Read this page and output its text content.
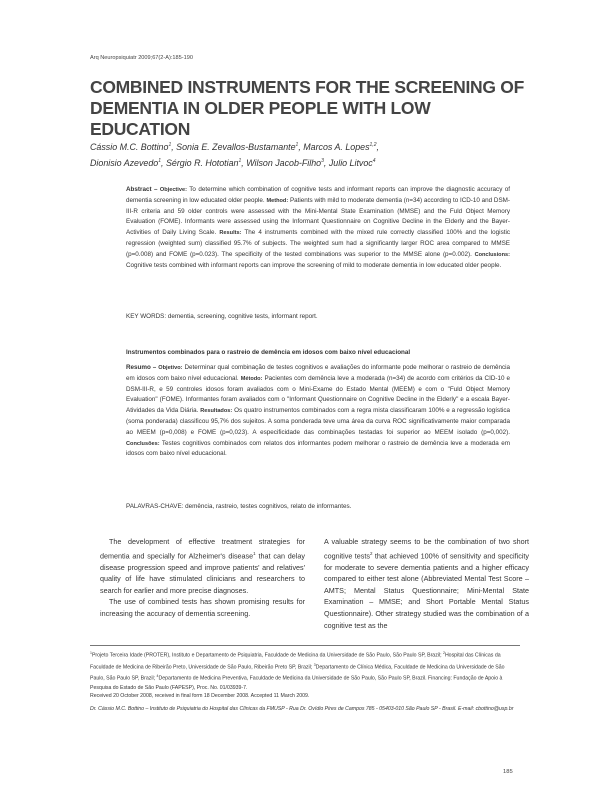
Arq Neuropsiquiatr 2009;67(2-A):185-190
COMBINED INSTRUMENTS FOR THE SCREENING OF DEMENTIA IN OLDER PEOPLE WITH LOW EDUCATION
Cássio M.C. Bottino$^1$, Sonia E. Zevallos-Bustamante$^1$, Marcos A. Lopes$^{1,2}$,
Dionisio Azevedo$^1$, Sérgio R. Hototian$^1$, Wilson Jacob-Filho$^3$, Julio Litvoc$^4$
Abstract – Objective: To determine which combination of cognitive tests and informant reports can improve the diagnostic accuracy of dementia screening in low educated older people. Method: Patients with mild to moderate dementia (n=34) according to ICD-10 and DSM-III-R criteria and 59 older controls were assessed with the Mini-Mental State Examination (MMSE) and the Fuld Object Memory Evaluation (FOME). Informants were assessed using the Informant Questionnaire on Cognitive Decline in the Elderly and the Bayer-Activities of Daily Living Scale. Results: The 4 instruments combined with the mixed rule correctly classified 100% and the logistic regression (weighted sum) classified 95.7% of subjects. The weighted sum had a significantly larger ROC area compared to MMSE (p=0.008) and FOME (p=0.023). The specificity of the tested combinations was superior to the MMSE alone (p=0.002). Conclusions: Cognitive tests combined with informant reports can improve the screening of mild to moderate dementia in low educated older people.
KEY WORDS: dementia, screening, cognitive tests, informant report.
Instrumentos combinados para o rastreio de demência em idosos com baixo nível educacional
Resumo – Objetivo: Determinar qual combinação de testes cognitivos e avaliações do informante pode melhorar o rastreio de demência em idosos com baixo nível educacional. Método: Pacientes com demência leve a moderada (n=34) de acordo com critérios da CID-10 e DSM-III-R, e 59 controles idosos foram avaliados com o Mini-Exame do Estado Mental (MEEM) e com o "Fuld Object Memory Evaluation" (FOME). Informantes foram avaliados com o "Informant Questionnaire on Cognitive Decline in the Elderly" e a escala Bayer-Atividades da Vida Diária. Resultados: Os quatro instrumentos combinados com a regra mista classificaram 100% e a regressão logística (soma ponderada) classificou 95,7% dos sujeitos. A soma ponderada teve uma área da curva ROC significativamente maior comparada ao MEEM (p=0,008) e FOME (p=0,023). A especificidade das combinações testadas foi superior ao MEEM isolado (p=0,002). Conclusões: Testes cognitivos combinados com relatos dos informantes podem melhorar o rastreio de demência leve a moderada em idosos com baixo nível educacional.
PALAVRAS-CHAVE: demência, rastreio, testes cognitivos, relato de informantes.

The development of effective treatment strategies for dementia and specially for Alzheimer's disease$^1$ that can delay disease progression speed and improve patients' and relatives' quality of life have stimulated clinicians and researchers to search for earlier and more precise diagnoses.

The use of combined tests has shown promising results for increasing the accuracy of dementia screening.

A valuable strategy seems to be the combination of two short cognitive tests$^2$ that achieved 100% of sensitivity and specificity for moderate to severe dementia patients and a higher efficacy compared to either test alone (Abbreviated Mental Test Score – AMTS; Mental Status Questionnaire; Mini-Mental State Examination – MMSE; and Short Portable Mental Status Questionnaire). Other strategy studied was the combination of a cognitive test as the

$^1$Projeto Terceira Idade (PROTER), Instituto e Departamento de Psiquiatria, Faculdade de Medicina da Universidade de São Paulo, São Paulo SP, Brazil; $^2$Hospital das Clínicas da Faculdade de Medicina de Ribeirão Preto, Universidade de São Paulo, Ribeirão Preto SP, Brazil; $^3$Departamento de Clínica Médica, Faculdade de Medicina da Universidade de São Paulo, São Paulo SP, Brazil; $^4$Departamento de Medicina Preventiva, Faculdade de Medicina da Universidade de São Paulo, São Paulo SP, Brazil. Financing: Fundação de Apoio à Pesquisa do Estado de São Paulo (FAPESP), Proc. No. 01/03939-7.
Received 20 October 2008, received in final form 18 December 2008. Accepted 11 March 2009.
Dr. Cássio M.C. Bottino – Instituto de Psiquiatria do Hospital das Clínicas da FMUSP - Rua Dr. Ovídio Pires de Campos 785 - 05403-010 São Paulo SP - Brasil. E-mail: cbottino@usp.br
185
